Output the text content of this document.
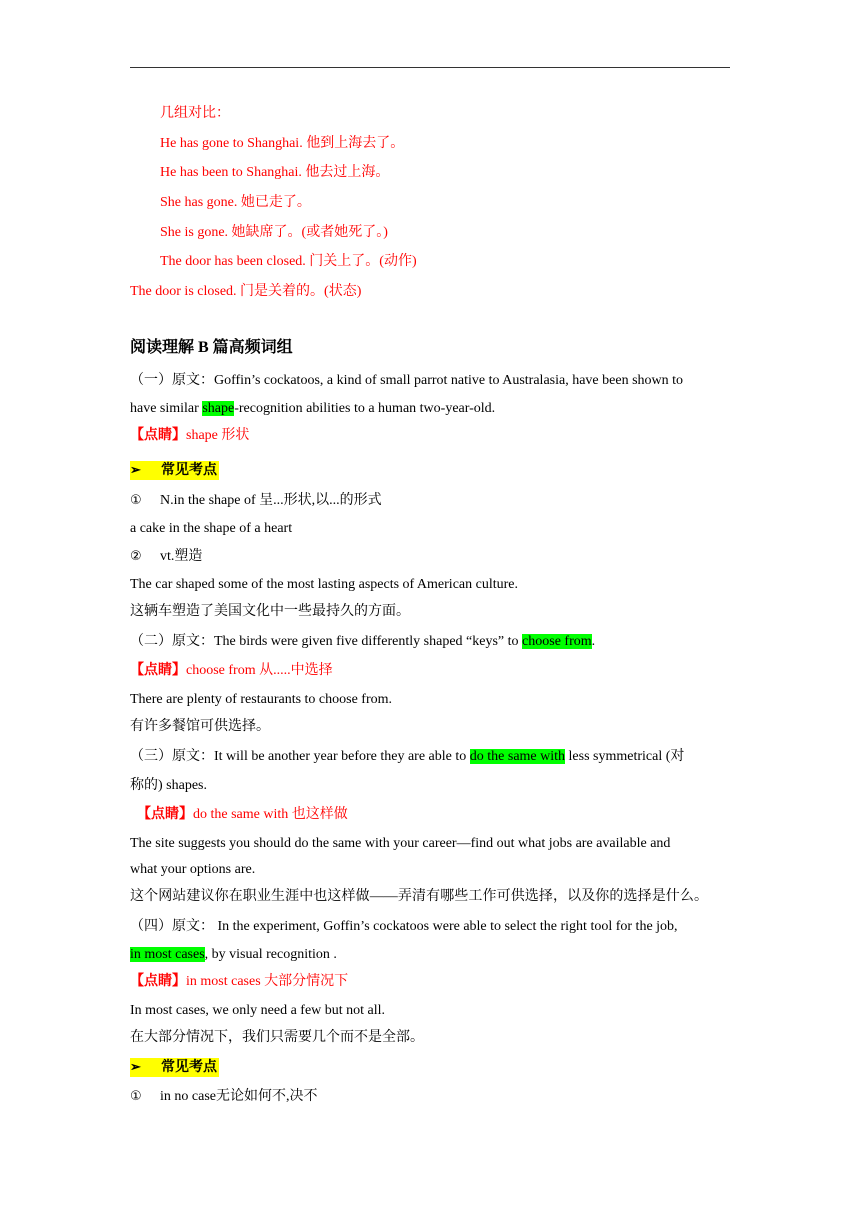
几组对比：
He has gone to Shanghai. 他到上海去了。
He has been to Shanghai. 他去过上海。
She has gone. 她已走了。
She is gone. 她缺席了。(或者她死了。)
The door has been closed. 门关上了。(动作)
The door is closed. 门是关着的。(状态)
阅读理解 B 篇高频词组
（一）原文：Goffin’s cockatoos, a kind of small parrot native to Australasia, have been shown to
have similar shape-recognition abilities to a human two-year-old.
【点睛】shape 形状
➢ 常见考点
① N.in the shape of 呈...形状,以...的形式
a cake in the shape of a heart
② vt.塑造
The car shaped some of the most lasting aspects of American culture.
这辆车塑造了美国文化中一些最持久的方面。
（二）原文：The birds were given five differently shaped “keys” to choose from.
【点睛】choose from 从.....中选择
There are plenty of restaurants to choose from.
有许多餐馆可供选择。
（三）原文：It will be another year before they are able to do the same with less symmetrical (对
称的) shapes.
【点睛】do the same with 也这样做
The site suggests you should do the same with your career—find out what jobs are available and
what your options are.
这个网站建议你在职业生涯中也这样做——弄清有哪些工作可供选择，以及你的选择是什么。
（四）原文： In the experiment, Goffin’s cockatoos were able to select the right tool for the job,
in most cases, by visual recognition .
【点睛】in most cases 大部分情况下
In most cases, we only need a few but not all.
在大部分情况下，我们只需要几个而不是全部。
➢ 常见考点
① in no case无论如何不,决不
